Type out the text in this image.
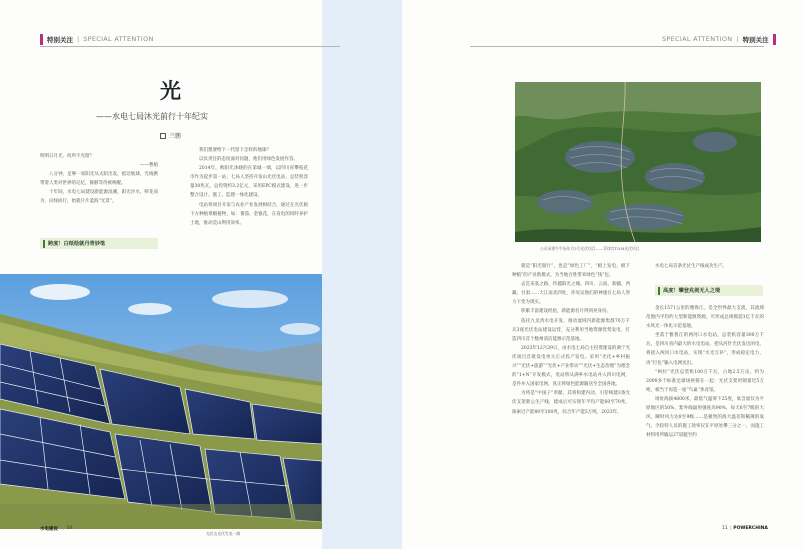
特别关注 | SPECIAL ATTENTION	SPECIAL ATTENTION | 特别关注
光
——水电七局沐光前行十年纪实
兰鹏

明明日月光，何所不光昭？

——曹植

八分钟，足够一束阳光从太阳出发，抵达地球。光线携带着人类对世界的记忆，静静等待被唤醒。

十年间，水电七局建设新能源浪潮，阳光沙水，鲜花而为，向绿而行，始就片片蓝海“光景”。

跨度！白纸绘就丹青妙笔

我们想要给下一代留下怎样的地球？

以负责任的态度面对问题，他们用绿色发展作答。

2014年，秋阳光沐晓的在第城一端，以四川省攀枝花市作为起步第一站，七局人坚持开发山光伏电站，总装机容量30兆瓦，总投资约3.2亿元，采用EPC模式建设，进一步整合设计、施工、监理一体化建设。

电站将项目开发与农业产业发展相结合，通过在光伏板下方种植菜椒植物，如：番茄、金银花，在发电的同时养护土地，推动荒山利用效率。

光伏山光伏发电一隅
公司承建牛牛场年月3号光伏项目——菲律宾T&M光伏项目

就是“阳光银行”，也是“绿色工厂”，“板上发电、板下种植”的产业新模式，为当地百姓带来绿色“钱”包。

去荒来基之路，传越阳光之城。四川、云南、新疆、西藏、甘肃……大江南北四处，你见证他们的神速在七局人努力下变为现实。

积累丰富建设经验，新能源名片得到亮身份。

依托九龙湾水电开发，推动流域内新能源集群70万千瓦3座光伏电站建设运营，充分利用当地资源优势发电，打造四川首个数州清洁能源示范基地。

2023年12月29日，由水电七局自主投资建设的满宁光伏项目首批发电单元正式投产发电。采用“光伏+乡村振兴”“光伏+旅游”“光伏+产业带动”“光伏+生态治理”为理念的“1+N”开发模式，电站将从满乡水电站并入四川电网，是件并入国家电网，真正将绿色能源输送至全国各地。

为将是“中国子”奉献，其将构建内动，引荐统建3条光伏支架新公生产线，建成后可实现年平均产能60至70兆，探索过产能80至100兆，综合年产能5万吨。2023年，

水电七局首条光伏生产线成功生产。

高度！攀登兆剑无人之境

金长1571公里的雅鲁江，是全世界最大支流，其流域范围内平均约大型新能源资源，可形成总规模超1亿千瓦的水风光一体化示范基地。

坐落于雅鲁江的两河口水电站，总装机容量300万千瓦，是四川省内最大的水电电站。把从河针光伏发出的电，将接入两河口水电站，实现“水光互补”，形成稳定电力，再“打包”输入电网送出。

“柯拉”光伏总装机100万千瓦，占地2.5万亩，约为2000多个标准足球场拼接在一起：光伏支架用钢量近5万吨，相当于再造一座“鸟巢”体育馆。

场址海拔4600米，最低气温零下25度，氧含量仅为平原地区的50%，紫外线辐射强度高90%，每天6至7级的大风，瞬时风力达8至9级……是极致的海大温差和稀薄的氧气，令较特人员的施工效率仅在平原处攀三分之一，而施工材料用所输运27道辊至约

水电建设 | 10	11 | POWERCHINA
